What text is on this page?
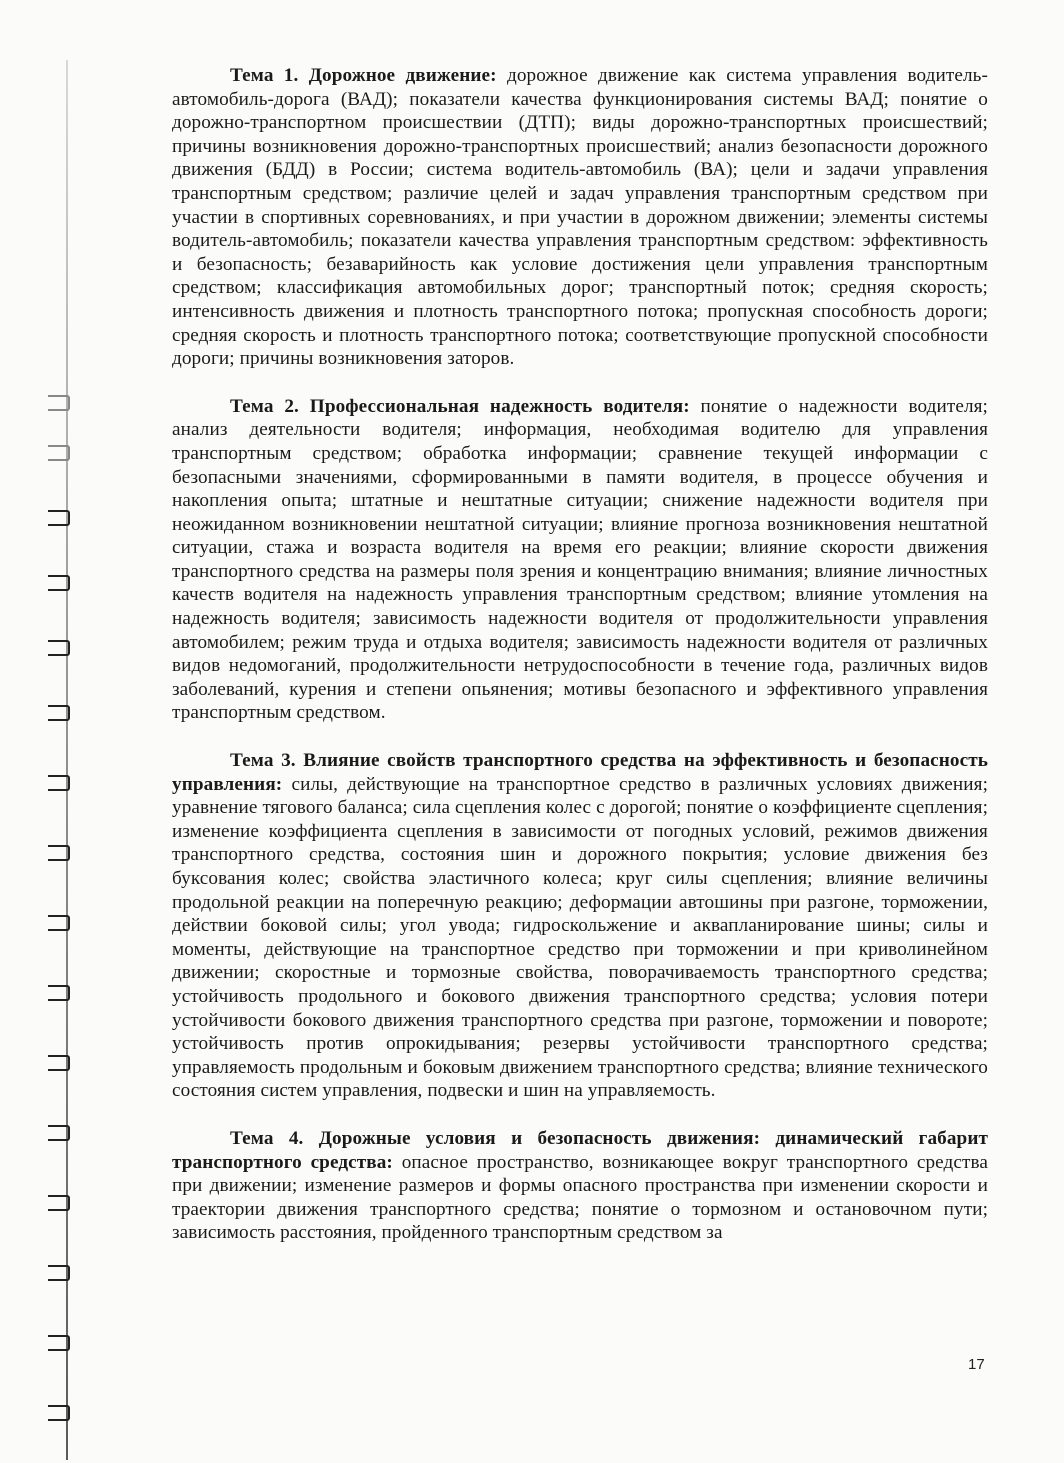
Тема 1. Дорожное движение: дорожное движение как система управления водитель-автомобиль-дорога (ВАД); показатели качества функционирования системы ВАД; понятие о дорожно-транспортном происшествии (ДТП); виды дорожно-транспортных происшествий; причины возникновения дорожно-транспортных происшествий; анализ безопасности дорожного движения (БДД) в России; система водитель-автомобиль (ВА); цели и задачи управления транспортным средством; различие целей и задач управления транспортным средством при участии в спортивных соревнованиях, и при участии в дорожном движении; элементы системы водитель-автомобиль; показатели качества управления транспортным средством: эффективность и безопасность; безаварийность как условие достижения цели управления транспортным средством; классификация автомобильных дорог; транспортный поток; средняя скорость; интенсивность движения и плотность транспортного потока; пропускная способность дороги; средняя скорость и плотность транспортного потока; соответствующие пропускной способности дороги; причины возникновения заторов.

Тема 2. Профессиональная надежность водителя: понятие о надежности водителя; анализ деятельности водителя; информация, необходимая водителю для управления транспортным средством; обработка информации; сравнение текущей информации с безопасными значениями, сформированными в памяти водителя, в процессе обучения и накопления опыта; штатные и нештатные ситуации; снижение надежности водителя при неожиданном возникновении нештатной ситуации; влияние прогноза возникновения нештатной ситуации, стажа и возраста водителя на время его реакции; влияние скорости движения транспортного средства на размеры поля зрения и концентрацию внимания; влияние личностных качеств водителя на надежность управления транспортным средством; влияние утомления на надежность водителя; зависимость надежности водителя от продолжительности управления автомобилем; режим труда и отдыха водителя; зависимость надежности водителя от различных видов недомоганий, продолжительности нетрудоспособности в течение года, различных видов заболеваний, курения и степени опьянения; мотивы безопасного и эффективного управления транспортным средством.

Тема 3. Влияние свойств транспортного средства на эффективность и безопасность управления: силы, действующие на транспортное средство в различных условиях движения; уравнение тягового баланса; сила сцепления колес с дорогой; понятие о коэффициенте сцепления; изменение коэффициента сцепления в зависимости от погодных условий, режимов движения транспортного средства, состояния шин и дорожного покрытия; условие движения без буксования колес; свойства эластичного колеса; круг силы сцепления; влияние величины продольной реакции на поперечную реакцию; деформации автошины при разгоне, торможении, действии боковой силы; угол увода; гидроскольжение и аквапланирование шины; силы и моменты, действующие на транспортное средство при торможении и при криволинейном движении; скоростные и тормозные свойства, поворачиваемость транспортного средства; устойчивость продольного и бокового движения транспортного средства; условия потери устойчивости бокового движения транспортного средства при разгоне, торможении и повороте; устойчивость против опрокидывания; резервы устойчивости транспортного средства; управляемость продольным и боковым движением транспортного средства; влияние технического состояния систем управления, подвески и шин на управляемость.

Тема 4. Дорожные условия и безопасность движения: динамический габарит транспортного средства: опасное пространство, возникающее вокруг транспортного средства при движении; изменение размеров и формы опасного пространства при изменении скорости и траектории движения транспортного средства; понятие о тормозном и остановочном пути; зависимость расстояния, пройденного транспортным средством за

17
